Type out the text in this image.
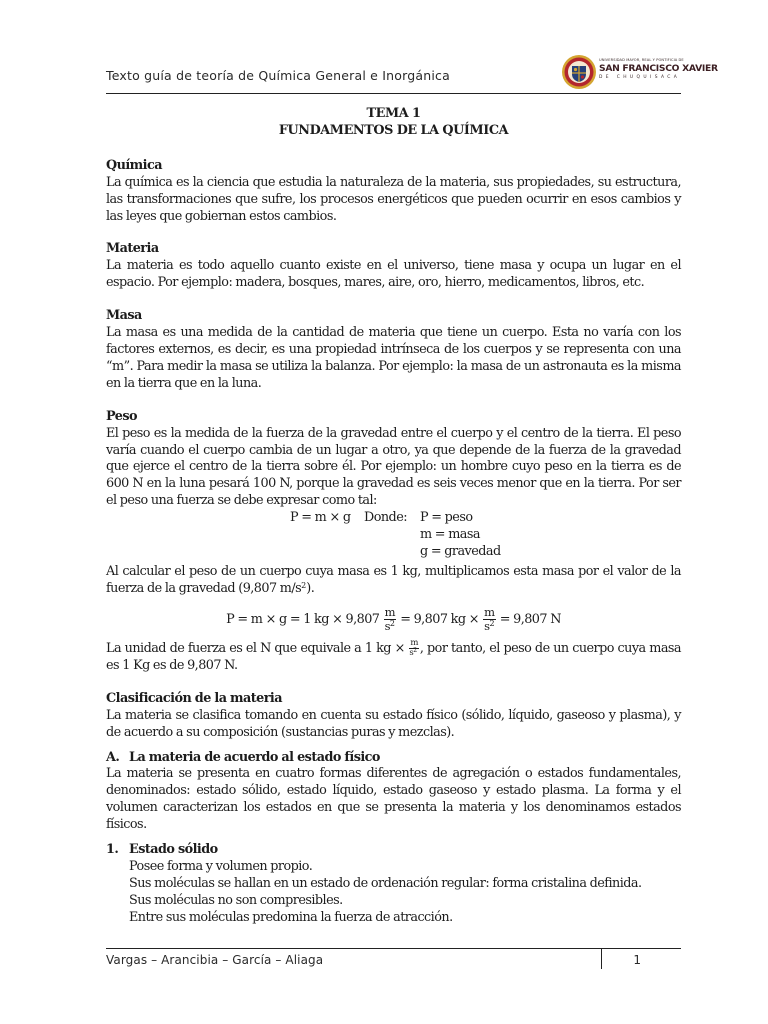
Texto guía de teoría de Química General e Inorgánica
UNIVERSIDAD MAYOR, REAL Y PONTIFICIA DE
SAN FRANCISCO XAVIER
DE CHUQUISACA
TEMA 1
FUNDAMENTOS DE LA QUÍMICA
Química

La química es la ciencia que estudia la naturaleza de la materia, sus propiedades, su estructura, las transformaciones que sufre, los procesos energéticos que pueden ocurrir en esos cambios y las leyes que gobiernan estos cambios.

Materia

La materia es todo aquello cuanto existe en el universo, tiene masa y ocupa un lugar en el espacio. Por ejemplo: madera, bosques, mares, aire, oro, hierro, medicamentos, libros, etc.

Masa

La masa es una medida de la cantidad de materia que tiene un cuerpo. Esta no varía con los factores externos, es decir, es una propiedad intrínseca de los cuerpos y se representa con una “m”. Para medir la masa se utiliza la balanza. Por ejemplo: la masa de un astronauta es la misma en la tierra que en la luna.

Peso

El peso es la medida de la fuerza de la gravedad entre el cuerpo y el centro de la tierra. El peso varía cuando el cuerpo cambia de un lugar a otro, ya que depende de la fuerza de la gravedad que ejerce el centro de la tierra sobre él. Por ejemplo: un hombre cuyo peso en la tierra es de 600 N en la luna pesará 100 N, porque la gravedad es seis veces menor que en la tierra. Por ser el peso una fuerza se debe expresar como tal:

P = m × g Donde: P = peso
m = masa
g = gravedad

Al calcular el peso de un cuerpo cuya masa es 1 kg, multiplicamos esta masa por el valor de la fuerza de la gravedad (9,807 $m/s^2$).

P = m × g = 1 kg × $9,807 \frac{m}{s^2} = 9,807$ kg × $\frac{m}{s^2} = 9,807$ N

La unidad de fuerza es el N que equivale a 1 kg × $\frac{m}{s^2}$ , por tanto, el peso de un cuerpo cuya masa es 1 Kg es de 9,807 N.

Clasificación de la materia

La materia se clasifica tomando en cuenta su estado físico (sólido, líquido, gaseoso y plasma), y de acuerdo a su composición (sustancias puras y mezclas).

A. La materia de acuerdo al estado físico

La materia se presenta en cuatro formas diferentes de agregación o estados fundamentales, denominados: estado sólido, estado líquido, estado gaseoso y estado plasma. La forma y el volumen caracterizan los estados en que se presenta la materia y los denominamos estados físicos.

1. Estado sólido
Posee forma y volumen propio.
Sus moléculas se hallan en un estado de ordenación regular: forma cristalina definida.
Sus moléculas no son compresibles.
Entre sus moléculas predomina la fuerza de atracción.
Vargas – Arancibia – García – Aliaga	1
